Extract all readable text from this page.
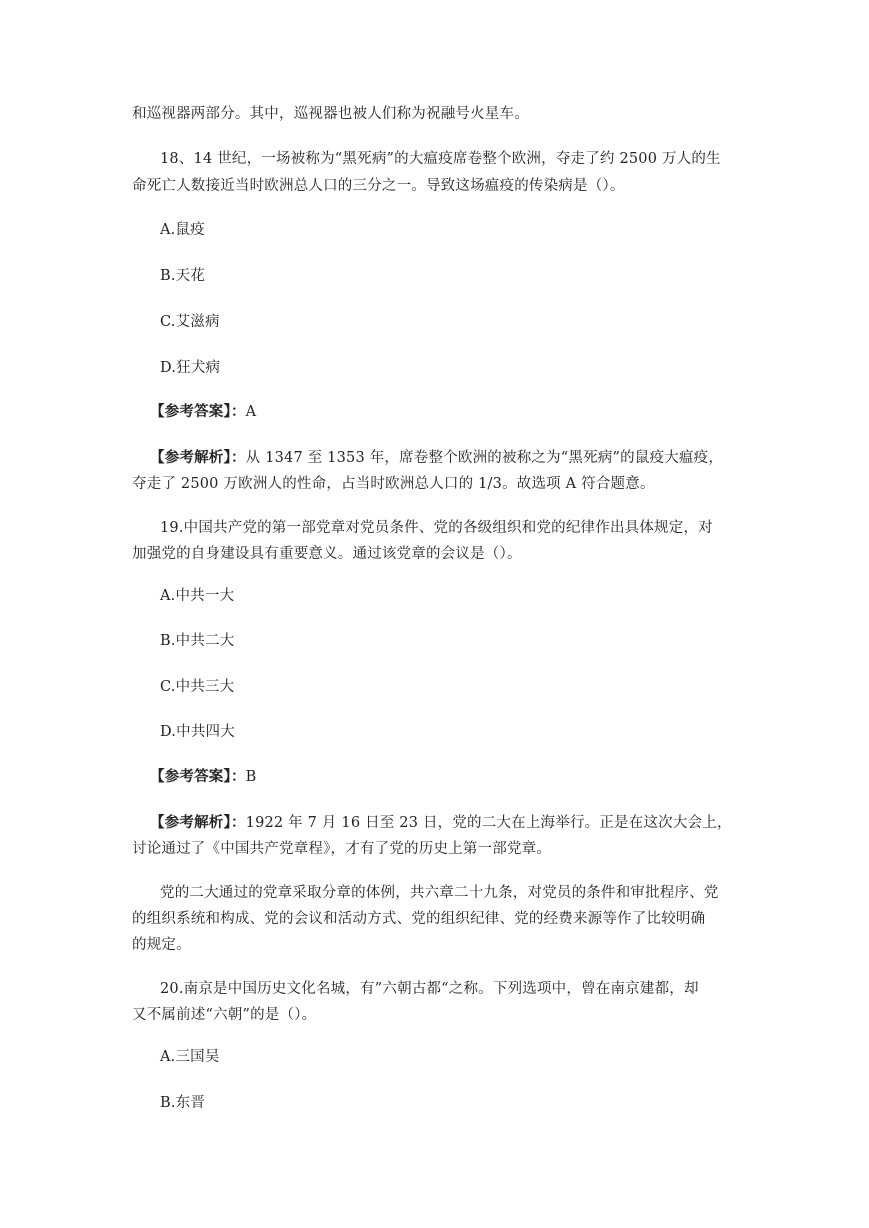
和巡视器两部分。其中，巡视器也被人们称为祝融号火星车。
18、14 世纪，一场被称为“黑死病”的大瘟疫席卷整个欧洲，夺走了约 2500 万人的生
命死亡人数接近当时欧洲总人口的三分之一。导致这场瘟疫的传染病是（）。
A.鼠疫
B.天花
C.艾滋病
D.狂犬病
【参考答案】：A
【参考解析】：从 1347 至 1353 年，席卷整个欧洲的被称之为“黑死病”的鼠疫大瘟疫，
夺走了 2500 万欧洲人的性命，占当时欧洲总人口的 1/3。故选项 A 符合题意。
19.中国共产党的第一部党章对党员条件、党的各级组织和党的纪律作出具体规定，对
加强党的自身建设具有重要意义。通过该党章的会议是（）。
A.中共一大
B.中共二大
C.中共三大
D.中共四大
【参考答案】：B
【参考解析】：1922 年 7 月 16 日至 23 日，党的二大在上海举行。正是在这次大会上，
讨论通过了《中国共产党章程》，才有了党的历史上第一部党章。
党的二大通过的党章采取分章的体例，共六章二十九条，对党员的条件和审批程序、党
的组织系统和构成、党的会议和活动方式、党的组织纪律、党的经费来源等作了比较明确
的规定。
20.南京是中国历史文化名城，有”六朝古都“之称。下列选项中，曾在南京建都，却
又不属前述“六朝”的是（）。
A.三国吴
B.东晋
